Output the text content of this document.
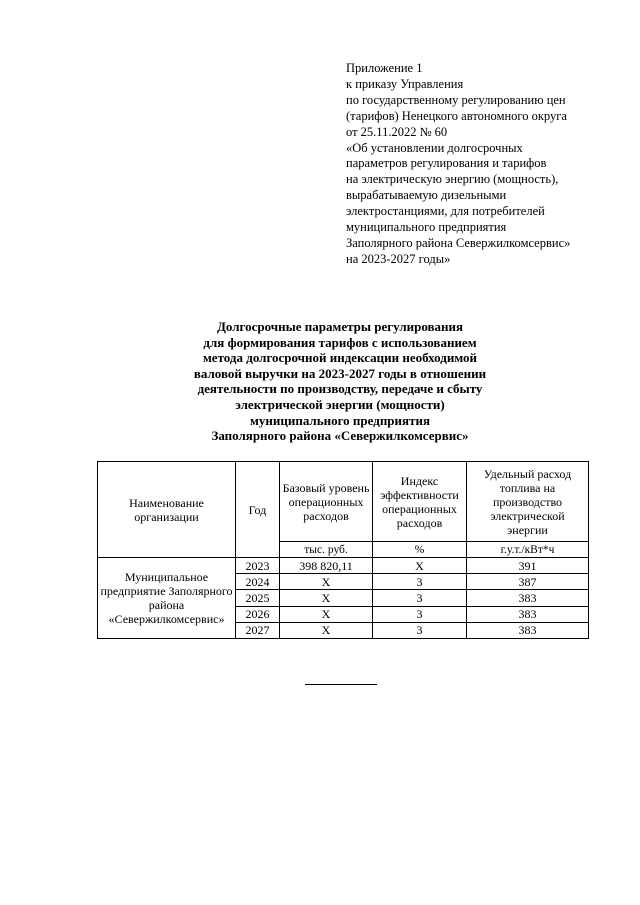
Приложение 1
к приказу Управления
по государственному регулированию цен
(тарифов) Ненецкого автономного округа
от 25.11.2022 № 60
«Об установлении долгосрочных
параметров регулирования и тарифов
на электрическую энергию (мощность),
вырабатываемую дизельными
электростанциями, для потребителей
муниципального предприятия
Заполярного района Севержилкомсервис»
на 2023-2027 годы»
Долгосрочные параметры регулирования
для формирования тарифов с использованием
метода долгосрочной индексации необходимой
валовой выручки на 2023-2027 годы в отношении
деятельности по производству, передаче и сбыту
электрической энергии (мощности)
муниципального предприятия
Заполярного района «Севержилкомсервис»
Наименование организации	Год	Базовый уровень операционных расходов	Индекс эффективности операционных расходов	Удельный расход топлива на производство электрической энергии
		тыс. руб.	%	г.у.т./кВт*ч
Муниципальное предприятие Заполярного района «Севержилкомсервис»	2023	398 820,11	Х	391
	2024	Х	3	387
	2025	Х	3	383
	2026	Х	3	383
	2027	Х	3	383
